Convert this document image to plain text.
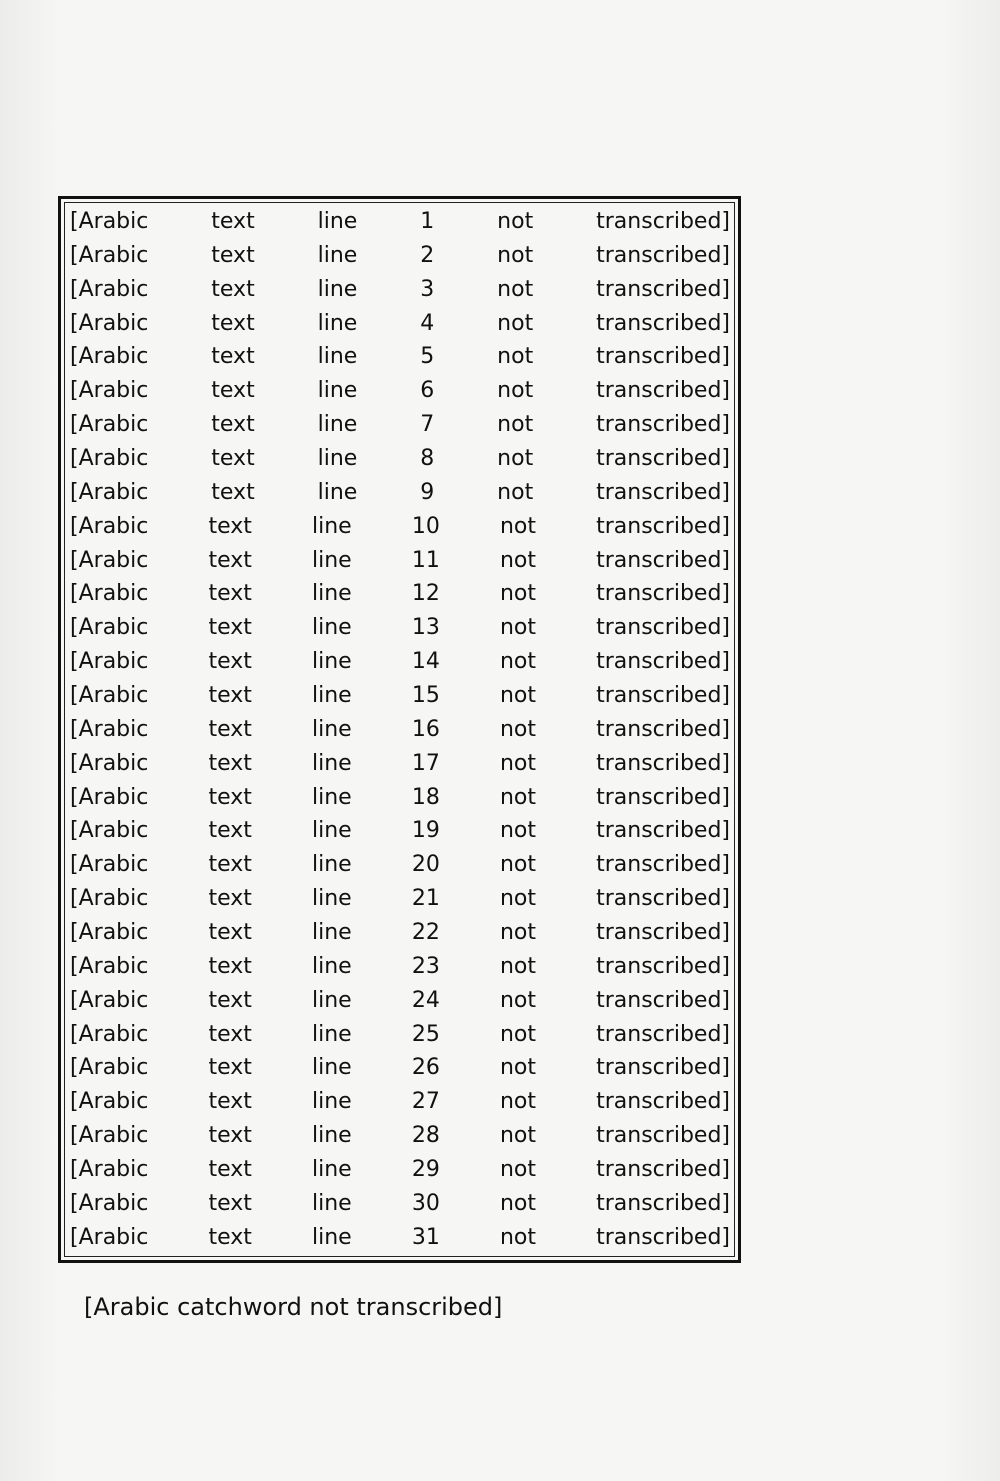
[Arabic text line 1 not transcribed]
[Arabic text line 2 not transcribed]
[Arabic text line 3 not transcribed]
[Arabic text line 4 not transcribed]
[Arabic text line 5 not transcribed]
[Arabic text line 6 not transcribed]
[Arabic text line 7 not transcribed]
[Arabic text line 8 not transcribed]
[Arabic text line 9 not transcribed]
[Arabic text line 10 not transcribed]
[Arabic text line 11 not transcribed]
[Arabic text line 12 not transcribed]
[Arabic text line 13 not transcribed]
[Arabic text line 14 not transcribed]
[Arabic text line 15 not transcribed]
[Arabic text line 16 not transcribed]
[Arabic text line 17 not transcribed]
[Arabic text line 18 not transcribed]
[Arabic text line 19 not transcribed]
[Arabic text line 20 not transcribed]
[Arabic text line 21 not transcribed]
[Arabic text line 22 not transcribed]
[Arabic text line 23 not transcribed]
[Arabic text line 24 not transcribed]
[Arabic text line 25 not transcribed]
[Arabic text line 26 not transcribed]
[Arabic text line 27 not transcribed]
[Arabic text line 28 not transcribed]
[Arabic text line 29 not transcribed]
[Arabic text line 30 not transcribed]
[Arabic text line 31 not transcribed]
[Arabic catchword not transcribed]
